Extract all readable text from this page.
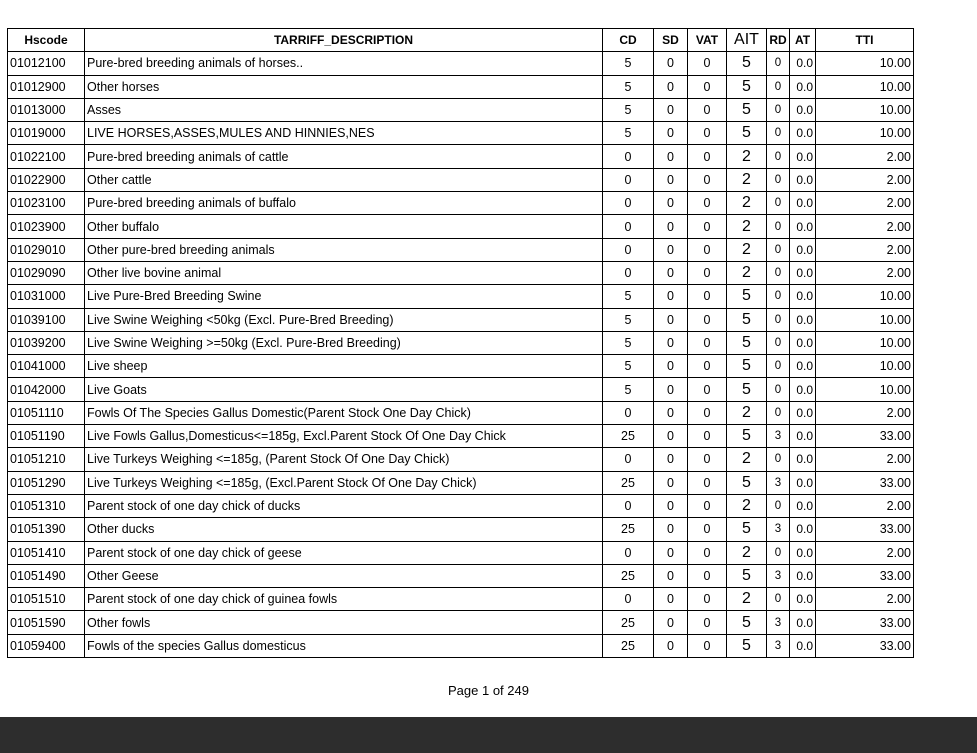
Hscode	TARRIFF_DESCRIPTION	CD	SD	VAT	AIT	RD	AT	TTI
01012100	Pure-bred breeding animals of horses..	5	0	0	5	0	0.0	10.00
01012900	Other horses	5	0	0	5	0	0.0	10.00
01013000	Asses	5	0	0	5	0	0.0	10.00
01019000	LIVE HORSES,ASSES,MULES AND HINNIES,NES	5	0	0	5	0	0.0	10.00
01022100	Pure-bred breeding animals of cattle	0	0	0	2	0	0.0	2.00
01022900	Other cattle	0	0	0	2	0	0.0	2.00
01023100	Pure-bred breeding animals of buffalo	0	0	0	2	0	0.0	2.00
01023900	Other buffalo	0	0	0	2	0	0.0	2.00
01029010	Other pure-bred breeding animals	0	0	0	2	0	0.0	2.00
01029090	Other live bovine animal	0	0	0	2	0	0.0	2.00
01031000	Live Pure-Bred Breeding Swine	5	0	0	5	0	0.0	10.00
01039100	Live Swine Weighing <50kg (Excl. Pure-Bred Breeding)	5	0	0	5	0	0.0	10.00
01039200	Live Swine Weighing >=50kg (Excl. Pure-Bred Breeding)	5	0	0	5	0	0.0	10.00
01041000	Live sheep	5	0	0	5	0	0.0	10.00
01042000	Live Goats	5	0	0	5	0	0.0	10.00
01051110	Fowls Of The Species Gallus Domestic(Parent Stock One Day Chick)	0	0	0	2	0	0.0	2.00
01051190	Live Fowls Gallus,Domesticus<=185g, Excl.Parent Stock Of One Day Chick	25	0	0	5	3	0.0	33.00
01051210	Live Turkeys Weighing <=185g, (Parent Stock Of One Day Chick)	0	0	0	2	0	0.0	2.00
01051290	Live Turkeys Weighing <=185g, (Excl.Parent Stock Of One Day Chick)	25	0	0	5	3	0.0	33.00
01051310	Parent stock of one day chick of ducks	0	0	0	2	0	0.0	2.00
01051390	Other ducks	25	0	0	5	3	0.0	33.00
01051410	Parent stock of one day chick of geese	0	0	0	2	0	0.0	2.00
01051490	Other Geese	25	0	0	5	3	0.0	33.00
01051510	Parent stock of one day chick of guinea fowls	0	0	0	2	0	0.0	2.00
01051590	Other fowls	25	0	0	5	3	0.0	33.00
01059400	Fowls of the species Gallus domesticus	25	0	0	5	3	0.0	33.00
Page 1 of 249
